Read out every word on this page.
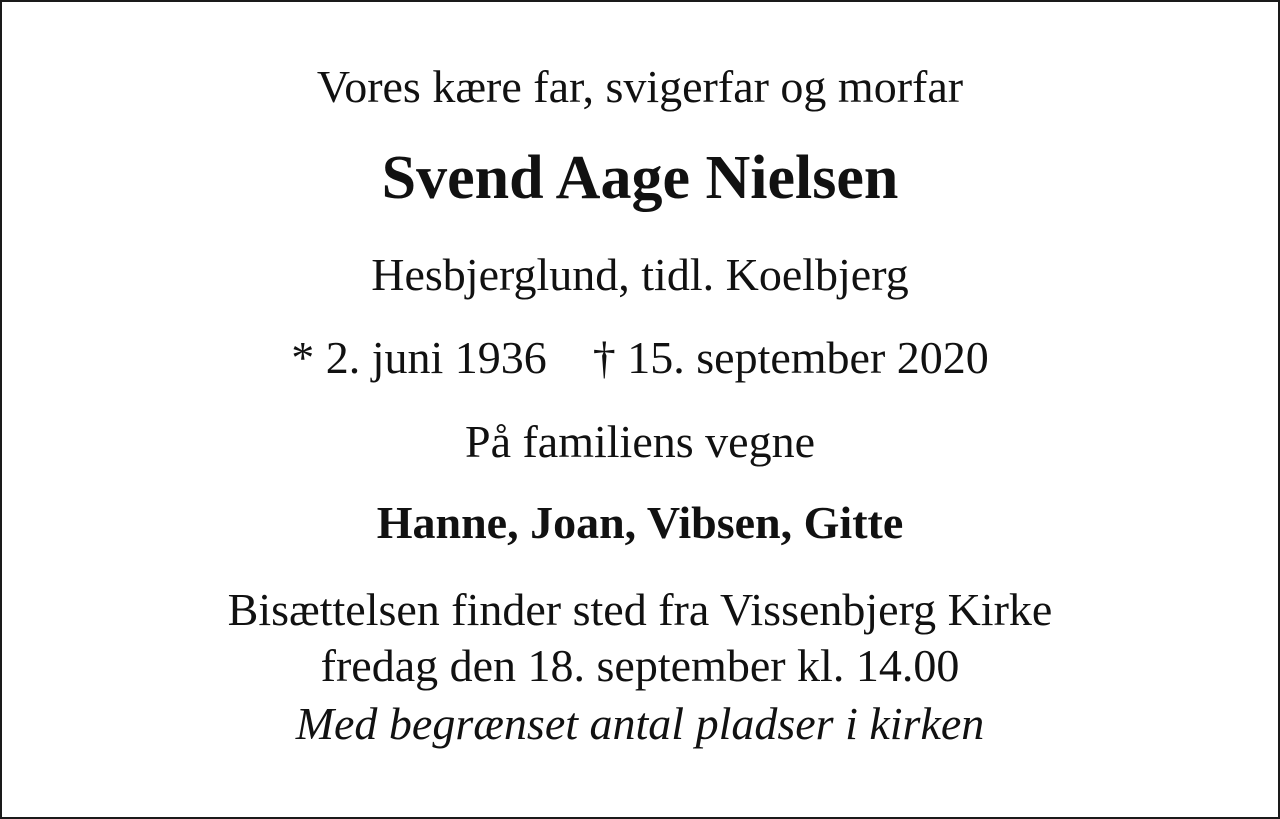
Vores kære far, svigerfar og morfar
Svend Aage Nielsen
Hesbjerglund, tidl. Koelbjerg
* 2. juni 1936 † 15. september 2020
På familiens vegne
Hanne, Joan, Vibsen, Gitte
Bisættelsen finder sted fra Vissenbjerg Kirke
fredag den 18. september kl. 14.00
Med begrænset antal pladser i kirken
